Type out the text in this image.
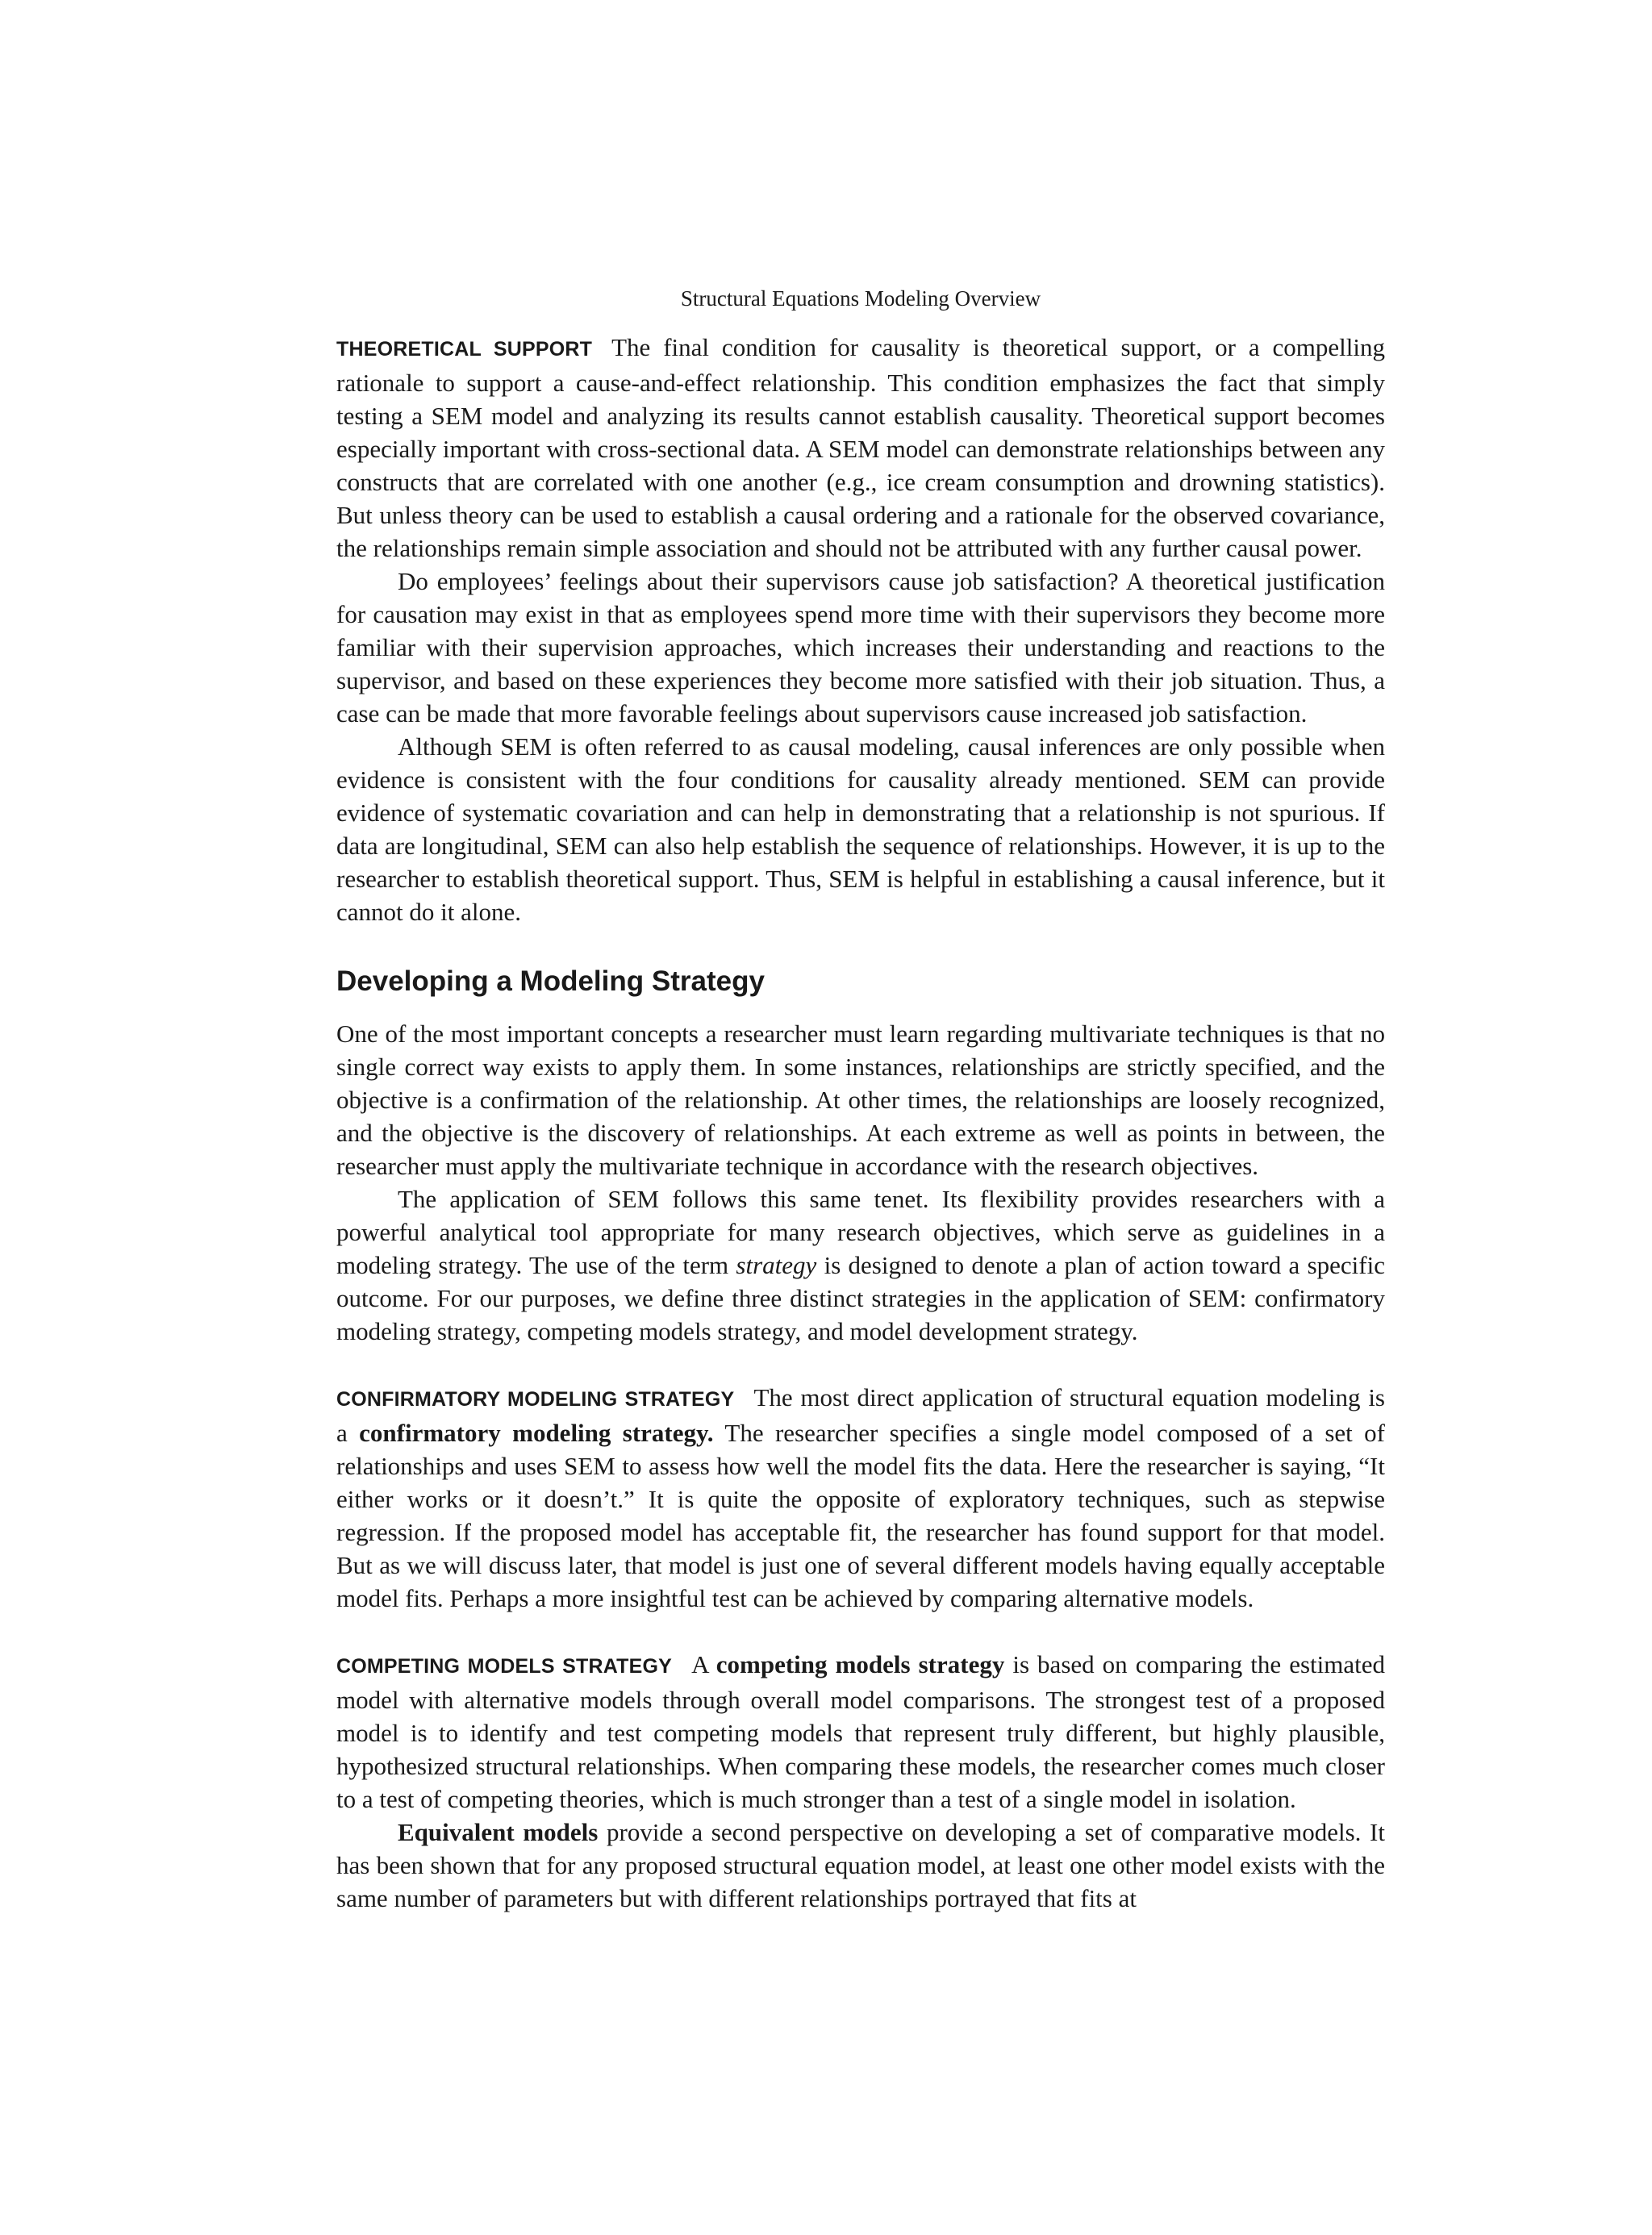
Structural Equations Modeling Overview

THEORETICAL SUPPORT The final condition for causality is theoretical support, or a compelling rationale to support a cause-and-effect relationship. This condition emphasizes the fact that simply testing a SEM model and analyzing its results cannot establish causality. Theoretical support becomes especially important with cross-sectional data. A SEM model can demonstrate relationships between any constructs that are correlated with one another (e.g., ice cream consumption and drowning statistics). But unless theory can be used to establish a causal ordering and a rationale for the observed covariance, the relationships remain simple association and should not be attributed with any further causal power.

Do employees’ feelings about their supervisors cause job satisfaction? A theoretical justification for causation may exist in that as employees spend more time with their supervisors they become more familiar with their supervision approaches, which increases their understanding and reactions to the supervisor, and based on these experiences they become more satisfied with their job situation. Thus, a case can be made that more favorable feelings about supervisors cause increased job satisfaction.

Although SEM is often referred to as causal modeling, causal inferences are only possible when evidence is consistent with the four conditions for causality already mentioned. SEM can provide evidence of systematic covariation and can help in demonstrating that a relationship is not spurious. If data are longitudinal, SEM can also help establish the sequence of relationships. However, it is up to the researcher to establish theoretical support. Thus, SEM is helpful in establishing a causal inference, but it cannot do it alone.

Developing a Modeling Strategy

One of the most important concepts a researcher must learn regarding multivariate techniques is that no single correct way exists to apply them. In some instances, relationships are strictly specified, and the objective is a confirmation of the relationship. At other times, the relationships are loosely recognized, and the objective is the discovery of relationships. At each extreme as well as points in between, the researcher must apply the multivariate technique in accordance with the research objectives.

The application of SEM follows this same tenet. Its flexibility provides researchers with a powerful analytical tool appropriate for many research objectives, which serve as guidelines in a modeling strategy. The use of the term strategy is designed to denote a plan of action toward a specific outcome. For our purposes, we define three distinct strategies in the application of SEM: confirmatory modeling strategy, competing models strategy, and model development strategy.

CONFIRMATORY MODELING STRATEGY The most direct application of structural equation modeling is a confirmatory modeling strategy. The researcher specifies a single model composed of a set of relationships and uses SEM to assess how well the model fits the data. Here the researcher is saying, “It either works or it doesn’t.” It is quite the opposite of exploratory techniques, such as stepwise regression. If the proposed model has acceptable fit, the researcher has found support for that model. But as we will discuss later, that model is just one of several different models having equally acceptable model fits. Perhaps a more insightful test can be achieved by comparing alternative models.

COMPETING MODELS STRATEGY A competing models strategy is based on comparing the estimated model with alternative models through overall model comparisons. The strongest test of a proposed model is to identify and test competing models that represent truly different, but highly plausible, hypothesized structural relationships. When comparing these models, the researcher comes much closer to a test of competing theories, which is much stronger than a test of a single model in isolation.

Equivalent models provide a second perspective on developing a set of comparative models. It has been shown that for any proposed structural equation model, at least one other model exists with the same number of parameters but with different relationships portrayed that fits at
